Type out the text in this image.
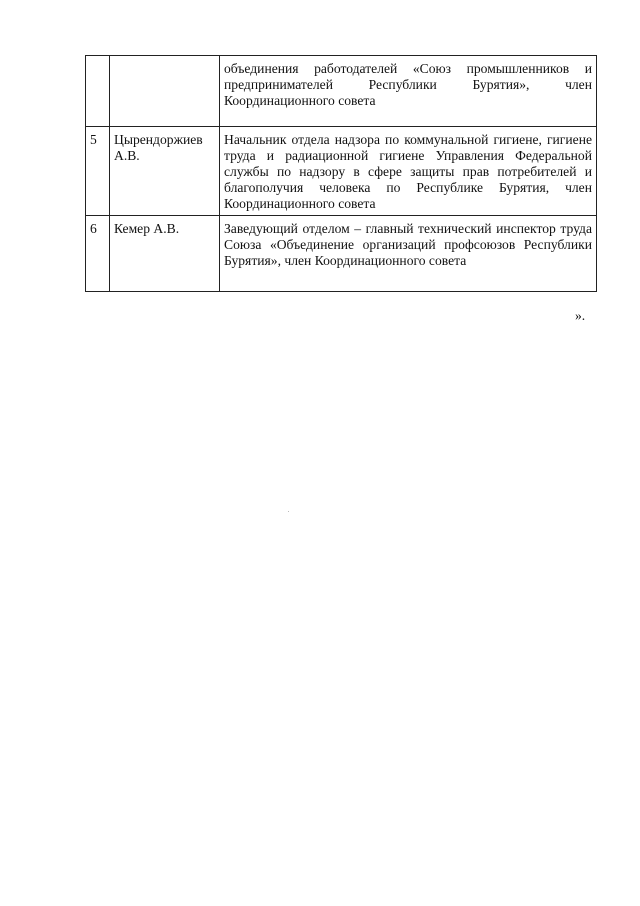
		объединения работодателей «Союз промышленников и предпринимателей Республики Бурятия», член Координационного совета
5	Цырендоржиев А.В.	Начальник отдела надзора по коммунальной гигиене, гигиене труда и радиационной гигиене Управления Федеральной службы по надзору в сфере защиты прав потребителей и благополучия человека по Республике Бурятия, член Координационного совета
6	Кемер А.В.	Заведующий отделом – главный технический инспектор труда Союза «Объединение организаций профсоюзов Республики Бурятия», член Координационного совета
».
